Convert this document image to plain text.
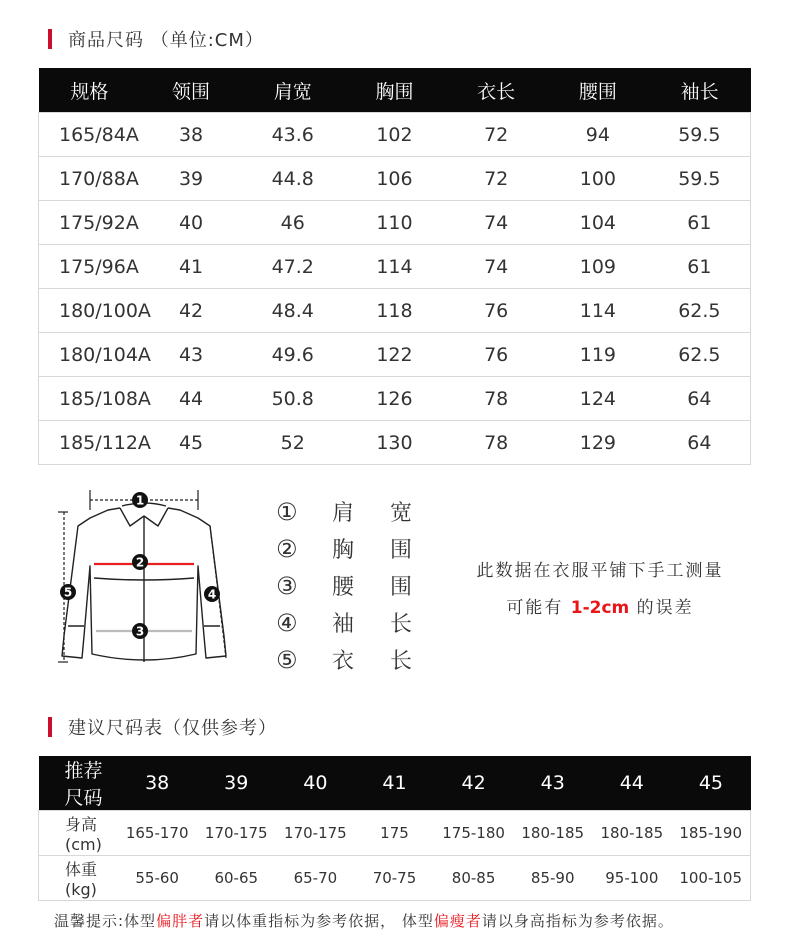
商品尺码 （单位:CM）
规格	领围	肩宽	胸围	衣长	腰围	袖长
165/84A	38	43.6	102	72	94	59.5
170/88A	39	44.8	106	72	100	59.5
175/92A	40	46	110	74	104	61
175/96A	41	47.2	114	74	109	61
180/100A	42	48.4	118	76	114	62.5
180/104A	43	49.6	122	76	119	62.5
185/108A	44	50.8	126	78	124	64
185/112A	45	52	130	78	129	64
1
2
3
4
5
①	肩宽
②	胸围
③	腰围
④	袖长
⑤	衣长
此数据在衣服平铺下手工测量
可能有 1-2cm 的误差
建议尺码表（仅供参考）
推荐尺码	38	39	40	41	42	43	44	45
身高 (cm)	165-170	170-175	170-175	175	175-180	180-185	180-185	185-190
体重 (kg)	55-60	60-65	65-70	70-75	80-85	85-90	95-100	100-105
温馨提示:体型偏胖者请以体重指标为参考依据， 体型偏瘦者请以身高指标为参考依据。
